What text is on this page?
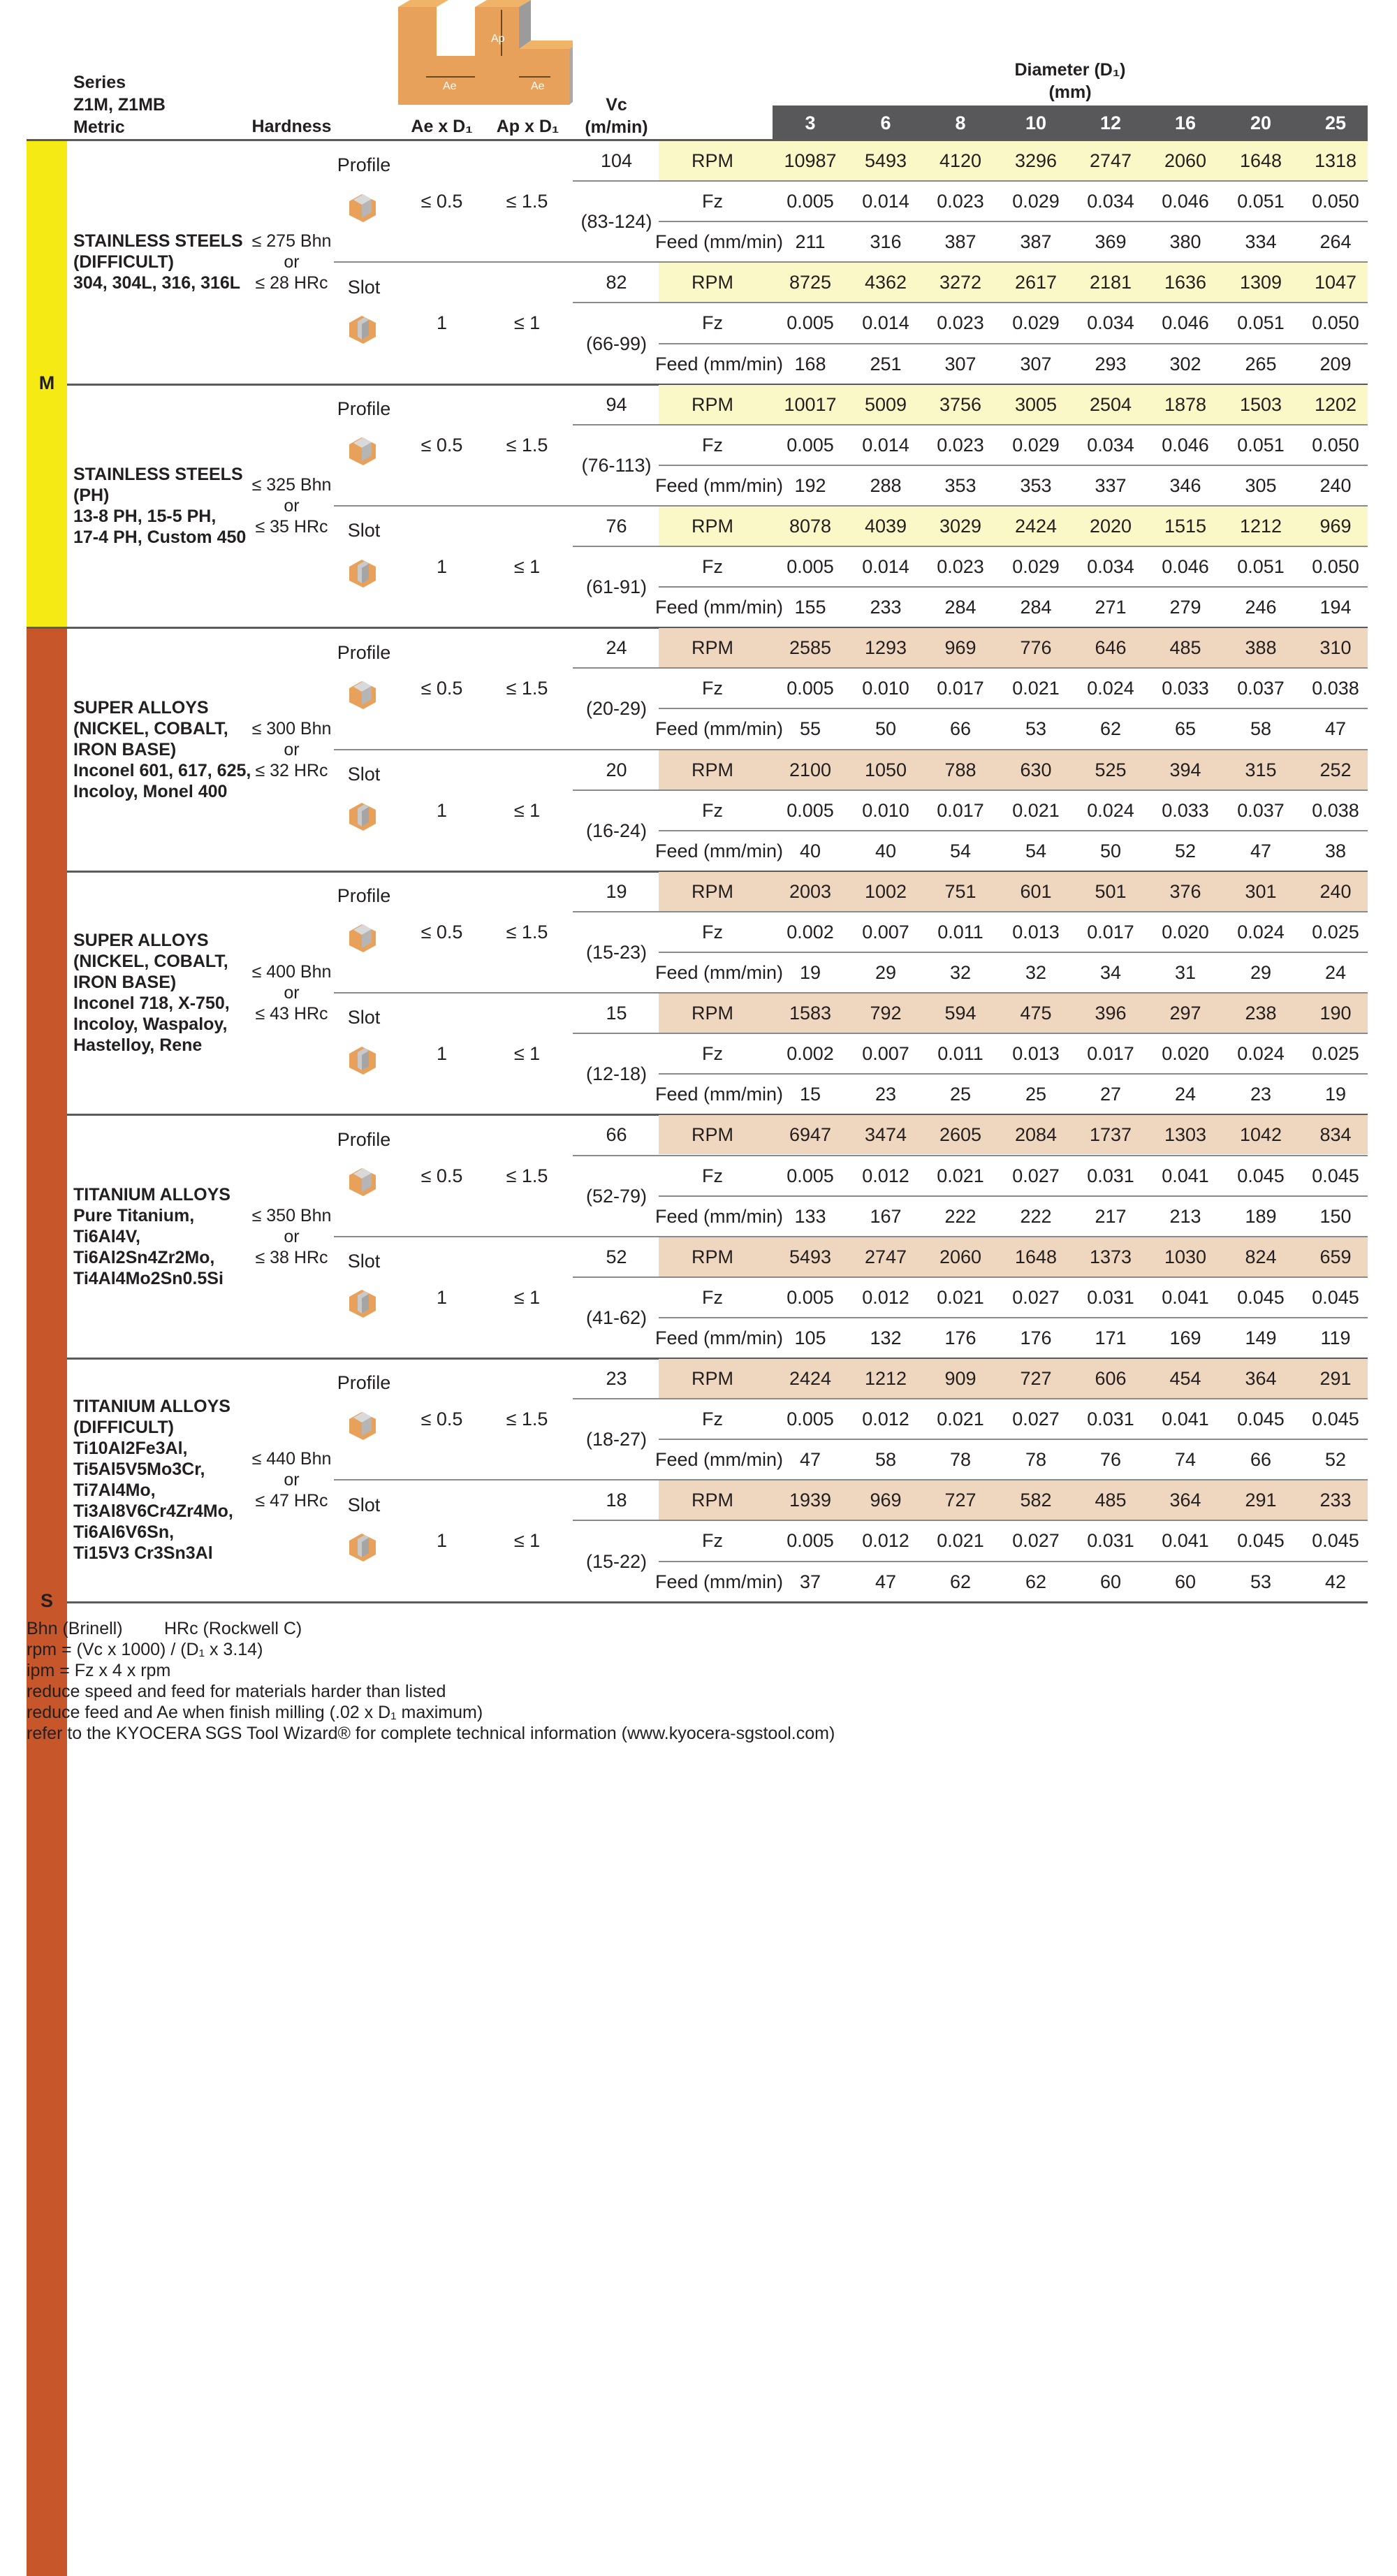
Series
Z1M, Z1MB
Metric	Hardness	Ae x D₁ Ap x D₁
Vc
(m/min)
Diameter (D₁)
(mm)
Ap
Ae	Ae
3	6	8	10	12	16	20	25
M
S
STAINLESS STEELS
(DIFFICULT)
304, 304L, 316, 316L
≤ 275 Bhn
or
≤ 28 HRc
Profile
≤ 0.5	≤ 1.5
104
(83-124)
RPM	10987	5493	4120	3296	2747	2060	1648	1318
Fz	0.005	0.014	0.023	0.029	0.034	0.046	0.051	0.050
Feed (mm/min) 211	316	387	387	369	380	334	264
Slot
1	≤ 1
82
(66-99)
RPM	8725	4362	3272	2617	2181	1636	1309	1047
Fz	0.005	0.014	0.023	0.029	0.034	0.046	0.051	0.050
Feed (mm/min) 168	251	307	307	293	302	265	209
STAINLESS STEELS
(PH)
13-8 PH, 15-5 PH,
17-4 PH, Custom 450
≤ 325 Bhn
or
≤ 35 HRc
Profile
≤ 0.5	≤ 1.5
94
(76-113)
RPM	10017	5009	3756	3005	2504	1878	1503	1202
Fz	0.005	0.014	0.023	0.029	0.034	0.046	0.051	0.050
Feed (mm/min) 192	288	353	353	337	346	305	240
Slot
1	≤ 1
76
(61-91)
RPM	8078	4039	3029	2424	2020	1515	1212	969
Fz	0.005	0.014	0.023	0.029	0.034	0.046	0.051	0.050
Feed (mm/min) 155	233	284	284	271	279	246	194
SUPER ALLOYS
(NICKEL, COBALT,
IRON BASE)
Inconel 601, 617, 625,
Incoloy, Monel 400
≤ 300 Bhn
or
≤ 32 HRc
Profile
≤ 0.5	≤ 1.5
24
(20-29)
RPM	2585	1293	969	776	646	485	388	310
Fz	0.005	0.010	0.017	0.021	0.024	0.033	0.037	0.038
Feed (mm/min) 55	50	66	53	62	65	58	47
Slot
1	≤ 1
20
(16-24)
RPM	2100	1050	788	630	525	394	315	252
Fz	0.005	0.010	0.017	0.021	0.024	0.033	0.037	0.038
Feed (mm/min) 40	40	54	54	50	52	47	38
SUPER ALLOYS
(NICKEL, COBALT,
IRON BASE)
Inconel 718, X-750,
Incoloy, Waspaloy,
Hastelloy, Rene
≤ 400 Bhn
or
≤ 43 HRc
Profile
≤ 0.5	≤ 1.5
19
(15-23)
RPM	2003	1002	751	601	501	376	301	240
Fz	0.002	0.007	0.011	0.013	0.017	0.020	0.024	0.025
Feed (mm/min) 19	29	32	32	34	31	29	24
Slot
1	≤ 1
15
(12-18)
RPM	1583	792	594	475	396	297	238	190
Fz	0.002	0.007	0.011	0.013	0.017	0.020	0.024	0.025
Feed (mm/min) 15	23	25	25	27	24	23	19
TITANIUM ALLOYS
Pure Titanium,
Ti6Al4V,
Ti6Al2Sn4Zr2Mo,
Ti4Al4Mo2Sn0.5Si
≤ 350 Bhn
or
≤ 38 HRc
Profile
≤ 0.5	≤ 1.5
66
(52-79)
RPM	6947	3474	2605	2084	1737	1303	1042	834
Fz	0.005	0.012	0.021	0.027	0.031	0.041	0.045	0.045
Feed (mm/min) 133	167	222	222	217	213	189	150
Slot
1	≤ 1
52
(41-62)
RPM	5493	2747	2060	1648	1373	1030	824	659
Fz	0.005	0.012	0.021	0.027	0.031	0.041	0.045	0.045
Feed (mm/min) 105	132	176	176	171	169	149	119
TITANIUM ALLOYS
(DIFFICULT)
Ti10Al2Fe3Al,
Ti5Al5V5Mo3Cr,
Ti7Al4Mo,
Ti3Al8V6Cr4Zr4Mo,
Ti6Al6V6Sn,
Ti15V3 Cr3Sn3Al
≤ 440 Bhn
or
≤ 47 HRc
Profile
≤ 0.5	≤ 1.5
23
(18-27)
RPM	2424	1212	909	727	606	454	364	291
Fz	0.005	0.012	0.021	0.027	0.031	0.041	0.045	0.045
Feed (mm/min) 47	58	78	78	76	74	66	52
Slot
1	≤ 1
18
(15-22)
RPM	1939	969	727	582	485	364	291	233
Fz	0.005	0.012	0.021	0.027	0.031	0.041	0.045	0.045
Feed (mm/min) 37	47	62	62	60	60	53	42
Bhn (Brinell) HRc (Rockwell C)
rpm = (Vc x 1000) / (D₁ x 3.14)
ipm = Fz x 4 x rpm
reduce speed and feed for materials harder than listed
reduce feed and Ae when finish milling (.02 x D₁ maximum)
refer to the KYOCERA SGS Tool Wizard® for complete technical information (www.kyocera-sgstool.com)
